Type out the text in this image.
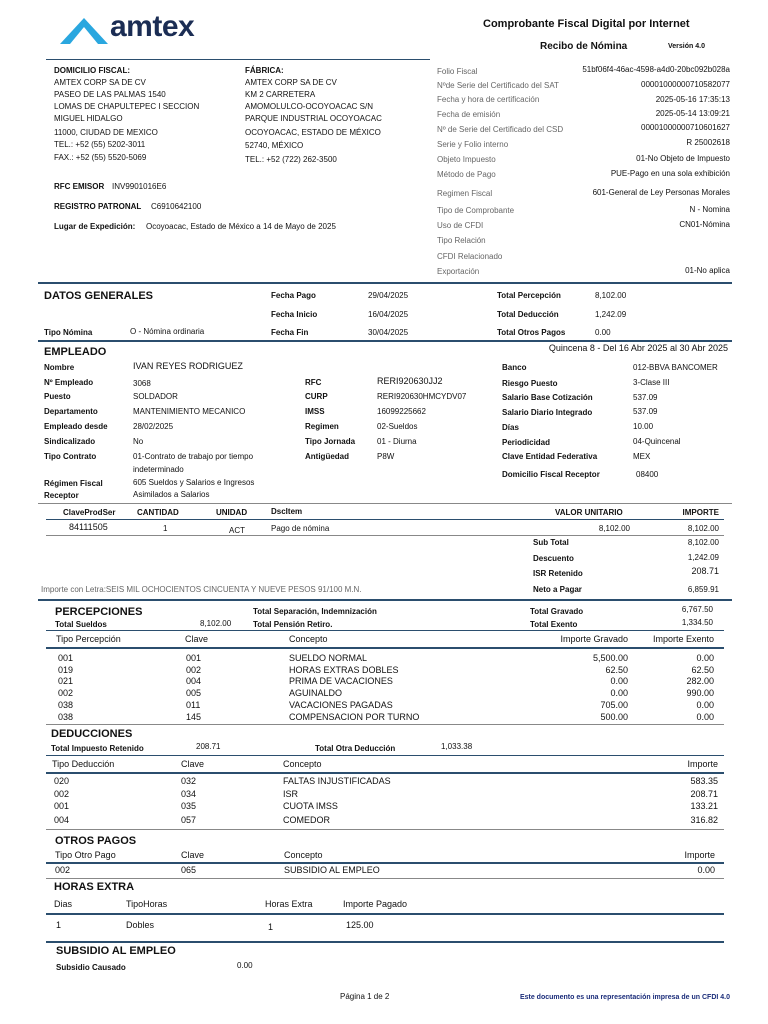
amtex	Comprobante Fiscal Digital por Internet
Recibo de Nómina	Versión 4.0
DOMICILIO FISCAL:
AMTEX CORP SA DE CV
PASEO DE LAS PALMAS 1540
LOMAS DE CHAPULTEPEC I SECCION
MIGUEL HIDALGO
11000, CIUDAD DE MEXICO
TEL.: +52 (55) 5202-3011
FAX.: +52 (55) 5520-5069
FÁBRICA:
AMTEX CORP SA DE CV
KM 2 CARRETERA
AMOMOLULCO-OCOYOACAC S/N
PARQUE INDUSTRIAL OCOYOACAC
OCOYOACAC, ESTADO DE MÉXICO
52740, MÉXICO
TEL.: +52 (722) 262-3500
RFC EMISOR INV9901016E6
REGISTRO PATRONAL C6910642100
Lugar de Expedición: Ocoyoacac, Estado de México a 14 de Mayo de 2025
Folio Fiscal	51bf06f4-46ac-4598-a4d0-20bc092b028a
Nºde Serie del Certificado del SAT	00001000000710582077
Fecha y hora de certificación	2025-05-16 17:35:13
Fecha de emisión	2025-05-14 13:09:21
Nº de Serie del Certificado del CSD	00001000000710601627
Serie y Folio interno	R 25002618
Objeto Impuesto	01-No Objeto de Impuesto
Método de Pago	PUE-Pago en una sola exhibición
Regimen Fiscal	601-General de Ley Personas Morales
Tipo de Comprobante	N - Nomina
Uso de CFDI	CN01-Nómina
Tipo Relación
CFDI Relacionado
Exportación	01-No aplica
DATOS GENERALES	Fecha Pago	29/04/2025
Fecha Inicio	16/04/2025
Fecha Fin	30/04/2025
Tipo Nómina	O - Nómina ordinaria
Total Percepción	8,102.00
Total Deducción	1,242.09
Total Otros Pagos	0.00
EMPLEADO	Quincena 8 - Del 16 Abr 2025 al 30 Abr 2025
Nombre	IVAN REYES RODRIGUEZ
Nº Empleado	3068
Puesto	SOLDADOR
Departamento	MANTENIMIENTO MECANICO
Empleado desde	28/02/2025
Sindicalizado	No
Tipo Contrato	01-Contrato de trabajo por tiempo
indeterminado
Régimen Fiscal
Receptor
605 Sueldos y Salarios e Ingresos
Asimilados a Salarios
RFC	RERI920630JJ2
CURP	RERI920630HMCYDV07
IMSS	16099225662
Regimen	02-Sueldos
Tipo Jornada	01 - Diurna
Antigüedad	P8W
Banco	012-BBVA BANCOMER
Riesgo Puesto	3-Clase III
Salario Base Cotización	537.09
Salario Diario Integrado	537.09
Días	10.00
Periodicidad	04-Quincenal
Clave Entidad Federativa	MEX
Domicilio Fiscal Receptor	08400
ClaveProdSer	CANTIDAD	UNIDAD	DscItem	VALOR UNITARIO	IMPORTE
84111505	1	ACT	Pago de nómina	8,102.00	8,102.00
Sub Total	8,102.00
Descuento	1,242.09
ISR Retenido	208.71
Neto a Pagar	6,859.91
Importe con Letra:SEIS MIL OCHOCIENTOS CINCUENTA Y NUEVE PESOS 91/100 M.N.
PERCEPCIONES
Total Sueldos	8,102.00
Total Separación, Indemnización
Total Pensión Retiro.
Total Gravado	6,767.50
Total Exento	1,334.50
Tipo Percepción	Clave	Concepto	Importe Gravado	Importe Exento
001	001	SUELDO NORMAL	5,500.00	0.00
019	002	HORAS EXTRAS DOBLES	62.50	62.50
021	004	PRIMA DE VACACIONES	0.00	282.00
002	005	AGUINALDO	0.00	990.00
038	011	VACACIONES PAGADAS	705.00	0.00
038	145	COMPENSACION POR TURNO	500.00	0.00
DEDUCCIONES
Total Impuesto Retenido	208.71	Total Otra Deducción	1,033.38
Tipo Deducción	Clave	Concepto	Importe
020	032	FALTAS INJUSTIFICADAS	583.35
002	034	ISR	208.71
001	035	CUOTA IMSS	133.21
004	057	COMEDOR	316.82
OTROS PAGOS
Tipo Otro Pago	Clave	Concepto	Importe
002	065	SUBSIDIO AL EMPLEO	0.00
HORAS EXTRA
Dias	TipoHoras	Horas Extra	Importe Pagado
1	Dobles	1	125.00
SUBSIDIO AL EMPLEO
Subsidio Causado	0.00
Página 1 de 2	Este documento es una representación impresa de un CFDI 4.0
